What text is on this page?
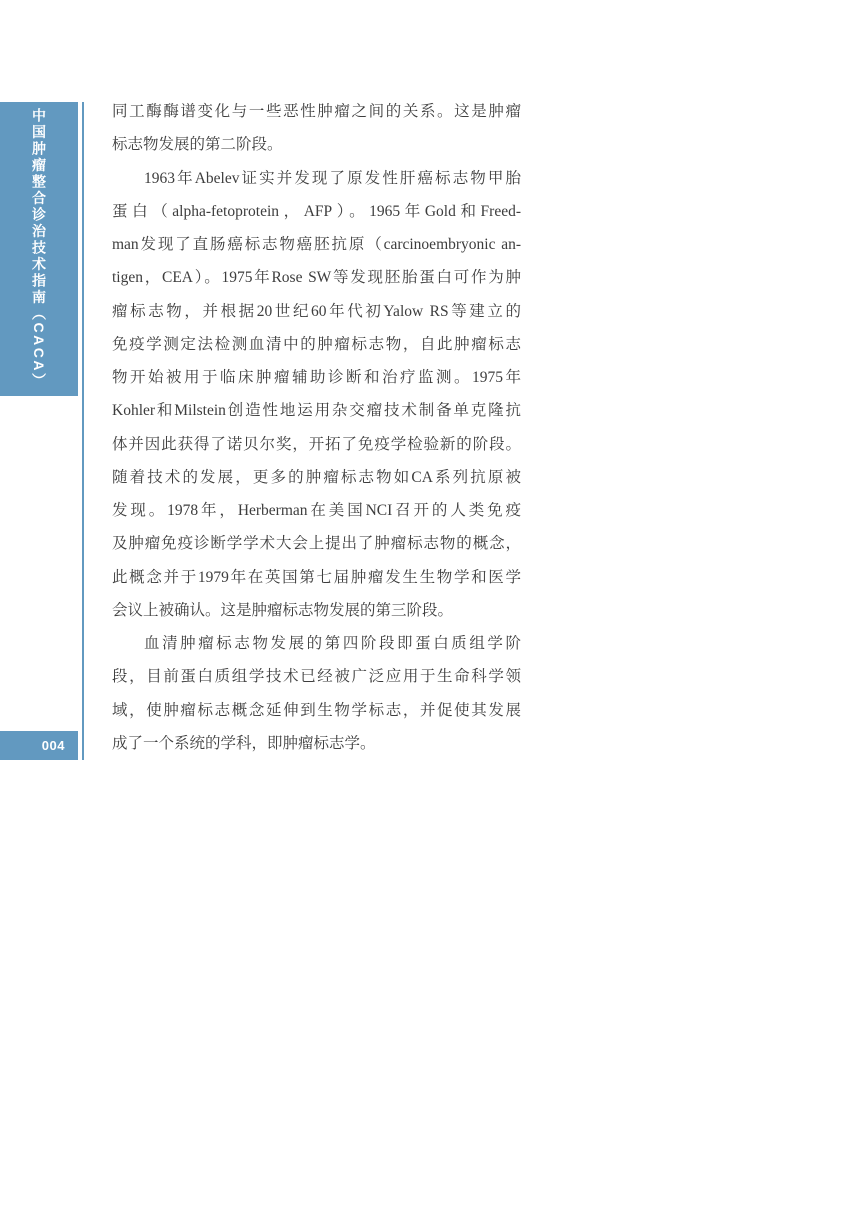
中国肿瘤整合诊治技术指南（CACA）
004
同工酶酶谱变化与一些恶性肿瘤之间的关系。这是肿瘤
标志物发展的第二阶段。
1963年Abelev证实并发现了原发性肝癌标志物甲胎
蛋白（alpha-fetoprotein，AFP）。1965年Gold和Freed-
man发现了直肠癌标志物癌胚抗原（carcinoembryonic an-
tigen，CEA）。1975年Rose SW等发现胚胎蛋白可作为肿
瘤标志物，并根据20世纪60年代初Yalow RS等建立的
免疫学测定法检测血清中的肿瘤标志物，自此肿瘤标志
物开始被用于临床肿瘤辅助诊断和治疗监测。1975年
Kohler和Milstein创造性地运用杂交瘤技术制备单克隆抗
体并因此获得了诺贝尔奖，开拓了免疫学检验新的阶段。
随着技术的发展，更多的肿瘤标志物如CA系列抗原被
发现。1978年，Herberman在美国NCI召开的人类免疫
及肿瘤免疫诊断学学术大会上提出了肿瘤标志物的概念，
此概念并于1979年在英国第七届肿瘤发生生物学和医学
会议上被确认。这是肿瘤标志物发展的第三阶段。
血清肿瘤标志物发展的第四阶段即蛋白质组学阶
段，目前蛋白质组学技术已经被广泛应用于生命科学领
域，使肿瘤标志概念延伸到生物学标志，并促使其发展
成了一个系统的学科，即肿瘤标志学。
